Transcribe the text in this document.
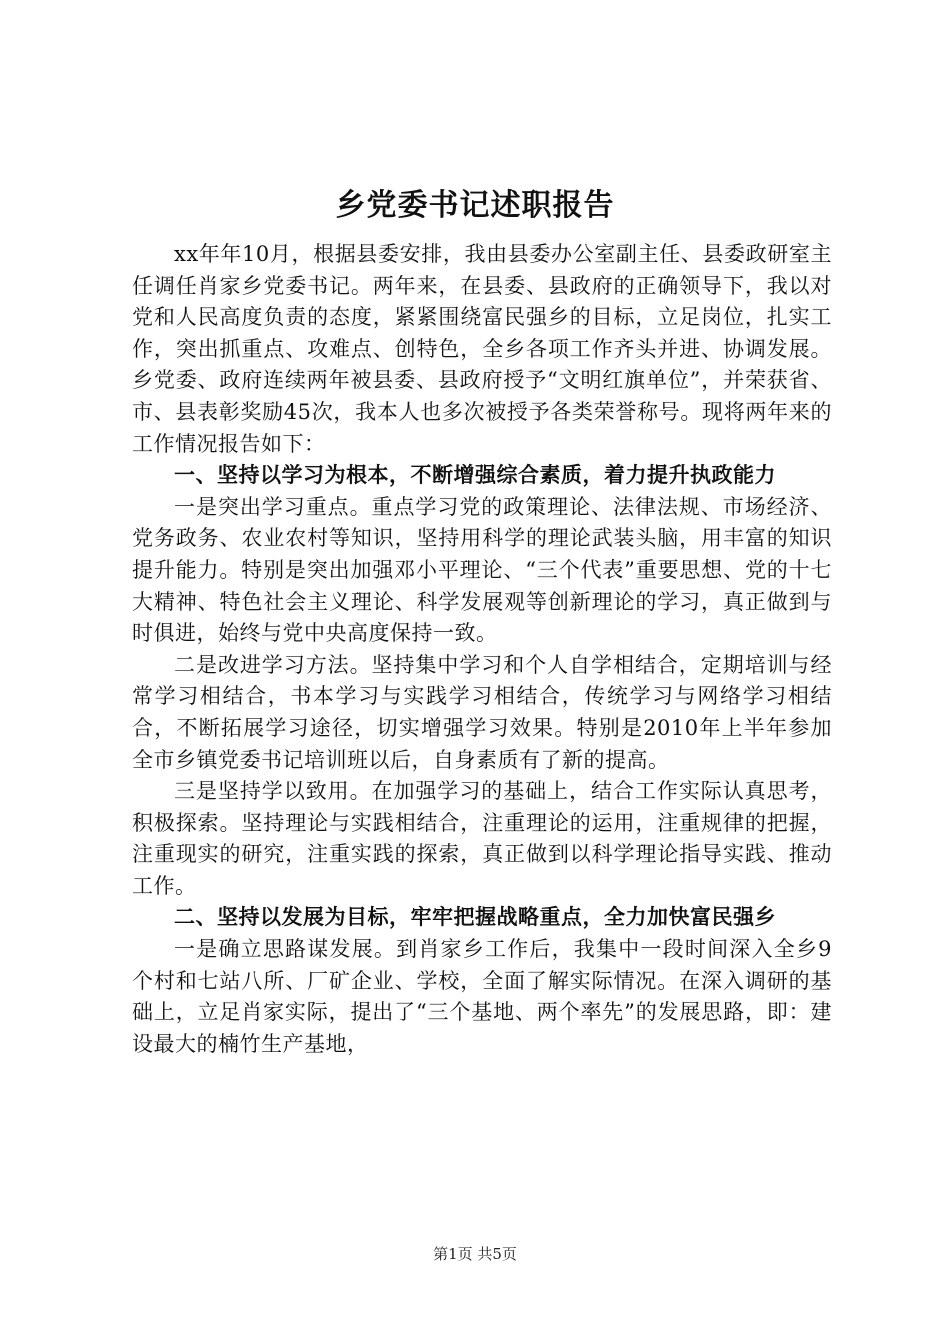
乡党委书记述职报告

xx年年10月，根据县委安排，我由县委办公室副主任、县委政研室主任调任肖家乡党委书记。两年来，在县委、县政府的正确领导下，我以对党和人民高度负责的态度，紧紧围绕富民强乡的目标，立足岗位，扎实工作，突出抓重点、攻难点、创特色，全乡各项工作齐头并进、协调发展。乡党委、政府连续两年被县委、县政府授予“文明红旗单位”，并荣获省、市、县表彰奖励45次，我本人也多次被授予各类荣誉称号。现将两年来的工作情况报告如下：

一、坚持以学习为根本，不断增强综合素质，着力提升执政能力

一是突出学习重点。重点学习党的政策理论、法律法规、市场经济、党务政务、农业农村等知识，坚持用科学的理论武装头脑，用丰富的知识提升能力。特别是突出加强邓小平理论、“三个代表”重要思想、党的十七大精神、特色社会主义理论、科学发展观等创新理论的学习，真正做到与时俱进，始终与党中央高度保持一致。

二是改进学习方法。坚持集中学习和个人自学相结合，定期培训与经常学习相结合，书本学习与实践学习相结合，传统学习与网络学习相结合，不断拓展学习途径，切实增强学习效果。特别是2010年上半年参加全市乡镇党委书记培训班以后，自身素质有了新的提高。

三是坚持学以致用。在加强学习的基础上，结合工作实际认真思考，积极探索。坚持理论与实践相结合，注重理论的运用，注重规律的把握，注重现实的研究，注重实践的探索，真正做到以科学理论指导实践、推动工作。

二、坚持以发展为目标，牢牢把握战略重点，全力加快富民强乡

一是确立思路谋发展。到肖家乡工作后，我集中一段时间深入全乡9个村和七站八所、厂矿企业、学校，全面了解实际情况。在深入调研的基础上，立足肖家实际，提出了“三个基地、两个率先”的发展思路，即：建设最大的楠竹生产基地，

第1页 共5页
